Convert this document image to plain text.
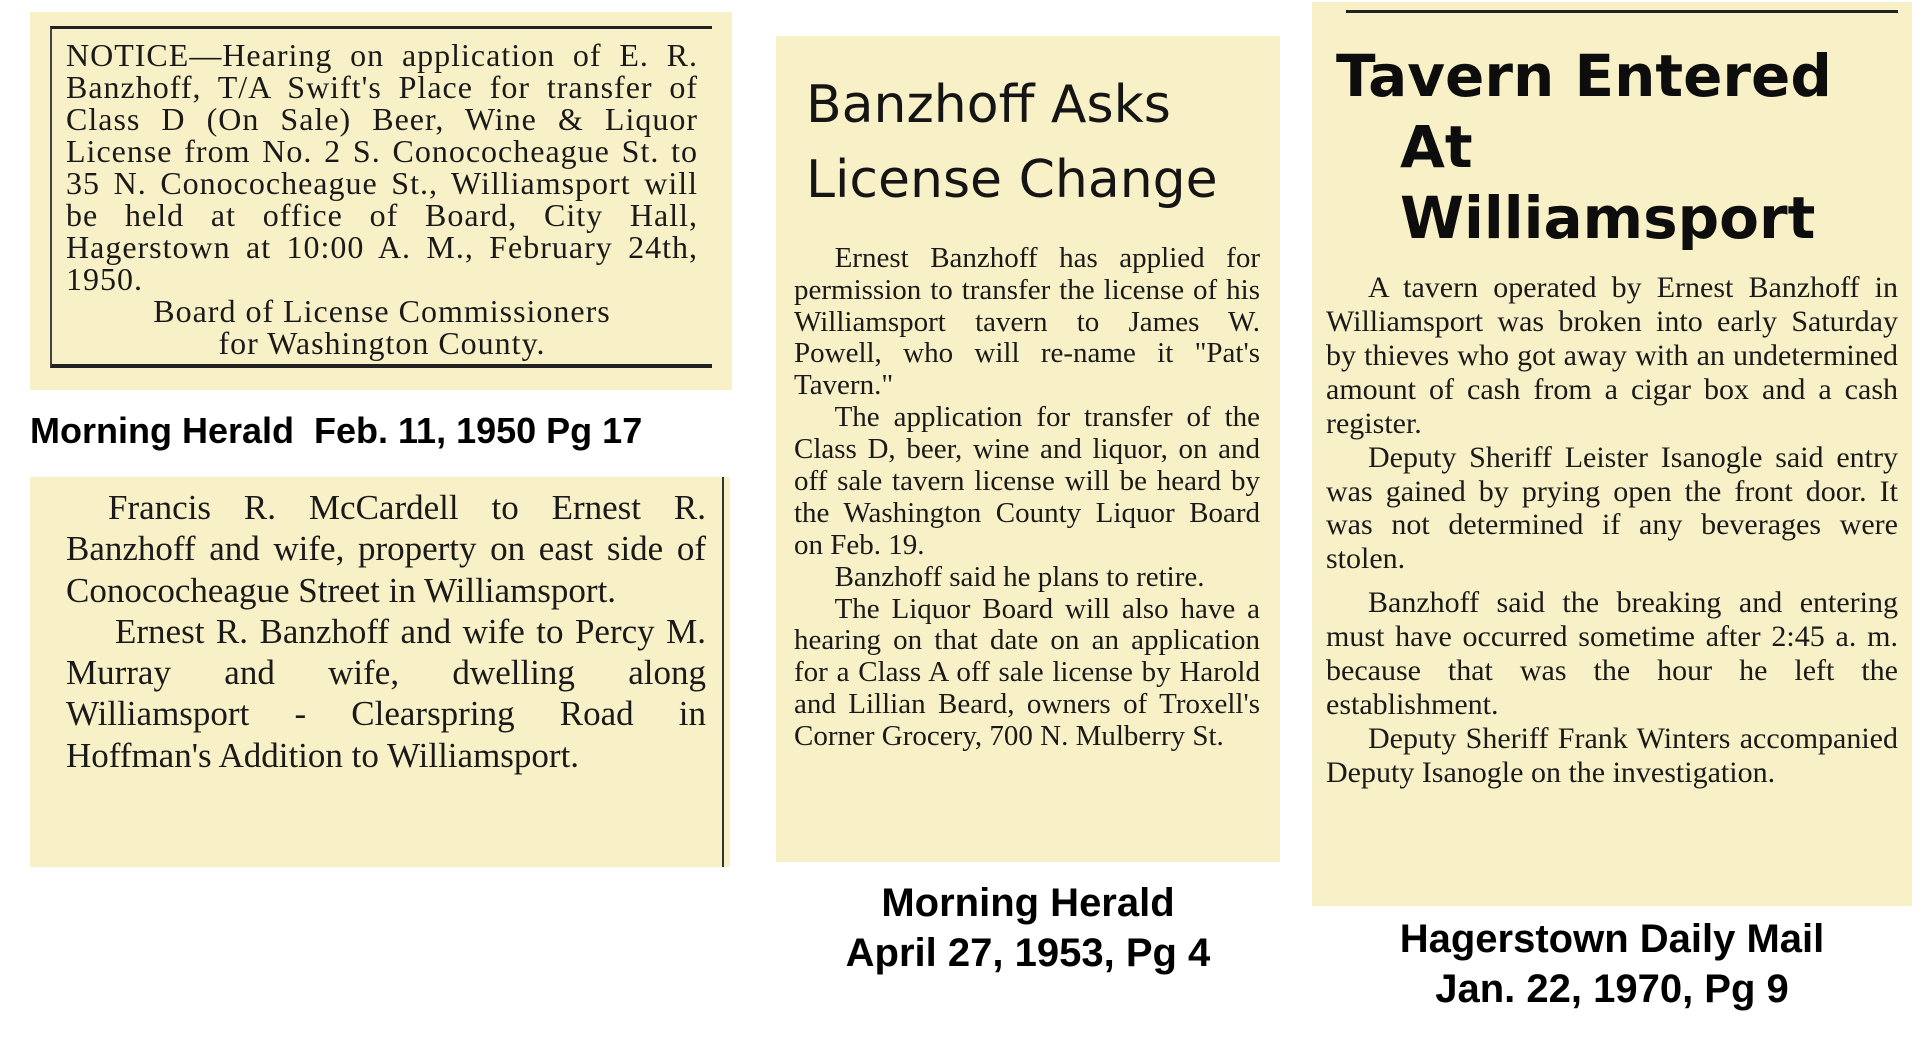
NOTICE—Hearing on application of E. R. Banzhoff, T/A Swift's Place for transfer of Class D (On Sale) Beer, Wine & Liquor License from No. 2 S. Conococheague St. to 35 N. Conococheague St., Williamsport will be held at office of Board, City Hall, Hagerstown at 10:00 A. M., February 24th, 1950.

Board of License Commissioners
for Washington County.
Morning Herald  Feb. 11, 1950 Pg 17

Francis R. McCardell to Ernest R. Banzhoff and wife, property on east side of Conococheague Street in Williamsport.

Ernest R. Banzhoff and wife to Percy M. Murray and wife, dwelling along Williamsport - Clearspring Road in Hoffman's Addition to Williamsport.

Banzhoff Asks License Change

Ernest Banzhoff has applied for permission to transfer the license of his Williamsport tavern to James W. Powell, who will re-name it "Pat's Tavern."

The application for transfer of the Class D, beer, wine and liquor, on and off sale tavern license will be heard by the Washington County Liquor Board on Feb. 19.

Banzhoff said he plans to retire.

The Liquor Board will also have a hearing on that date on an application for a Class A off sale license by Harold and Lillian Beard, owners of Troxell's Corner Grocery, 700 N. Mulberry St.

Morning Herald
April 27, 1953, Pg 4
Tavern Entered
At Williamsport

A tavern operated by Ernest Banzhoff in Williamsport was broken into early Saturday by thieves who got away with an undetermined amount of cash from a cigar box and a cash register.

Deputy Sheriff Leister Isanogle said entry was gained by prying open the front door. It was not determined if any beverages were stolen.

Banzhoff said the breaking and entering must have occurred sometime after 2:45 a. m. because that was the hour he left the establishment.

Deputy Sheriff Frank Winters accompanied Deputy Isanogle on the investigation.

Hagerstown Daily Mail
Jan. 22, 1970, Pg 9
